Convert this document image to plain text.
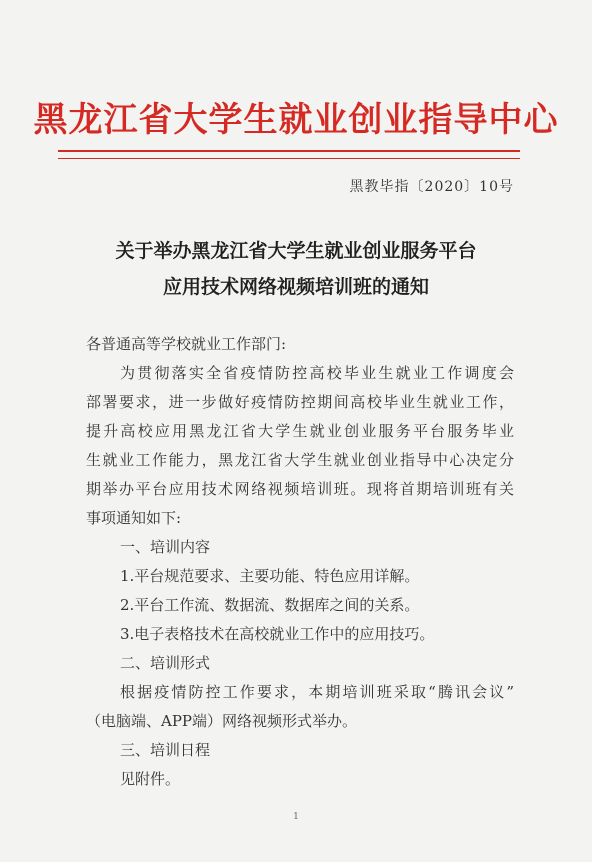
黑龙江省大学生就业创业指导中心
黑教毕指〔2020〕10号
关于举办黑龙江省大学生就业创业服务平台
应用技术网络视频培训班的通知
各普通高等学校就业工作部门:
为贯彻落实全省疫情防控高校毕业生就业工作调度会
部署要求，进一步做好疫情防控期间高校毕业生就业工作，
提升高校应用黑龙江省大学生就业创业服务平台服务毕业
生就业工作能力，黑龙江省大学生就业创业指导中心决定分
期举办平台应用技术网络视频培训班。现将首期培训班有关
事项通知如下:
一、培训内容
1.平台规范要求、主要功能、特色应用详解。
2.平台工作流、数据流、数据库之间的关系。
3.电子表格技术在高校就业工作中的应用技巧。
二、培训形式
根据疫情防控工作要求，本期培训班采取“腾讯会议”
（电脑端、APP端）网络视频形式举办。
三、培训日程
见附件。
1
